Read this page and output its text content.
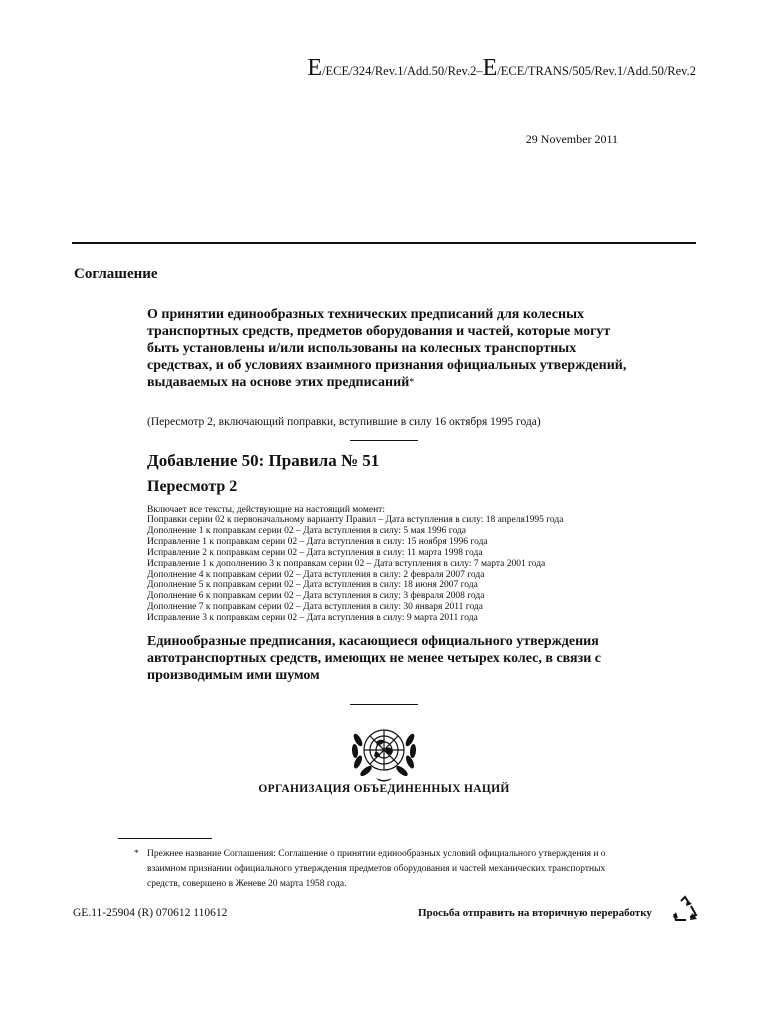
E/ECE/324/Rev.1/Add.50/Rev.2–E/ECE/TRANS/505/Rev.1/Add.50/Rev.2
29 November 2011
Соглашение
О принятии единообразных технических предписаний для колесных транспортных средств, предметов оборудования и частей, которые могут быть установлены и/или использованы на колесных транспортных средствах, и об условиях взаимного признания официальных утверждений, выдаваемых на основе этих предписаний*
(Пересмотр 2, включающий поправки, вступившие в силу 16 октября 1995 года)
Добавление 50: Правила № 51
Пересмотр 2
Включает все тексты, действующие на настоящий момент:
Поправки серии 02 к первоначальному варианту Правил – Дата вступления в силу: 18 апреля1995 года
Дополнение 1 к поправкам серии 02 – Дата вступления в силу: 5 мая 1996 года
Исправление 1 к поправкам серии 02 – Дата вступления в силу: 15 ноября 1996 года
Исправление 2 к поправкам серии 02 – Дата вступления в силу: 11 марта 1998 года
Исправление 1 к дополнению 3 к поправкам серии 02 – Дата вступления в силу: 7 марта 2001 года
Дополнение 4 к поправкам серии 02 – Дата вступления в силу: 2 февраля 2007 года
Дополнение 5 к поправкам серии 02 – Дата вступления в силу: 18 июня 2007 года
Дополнение 6 к поправкам серии 02 – Дата вступления в силу: 3 февраля 2008 года
Дополнение 7 к поправкам серии 02 – Дата вступления в силу: 30 января 2011 года
Исправление 3 к поправкам серии 02 – Дата вступления в силу: 9 марта 2011 года
Единообразные предписания, касающиеся официального утверждения автотранспортных средств, имеющих не менее четырех колес, в связи с производимым ими шумом
ОРГАНИЗАЦИЯ ОБЪЕДИНЕННЫХ НАЦИЙ
* Прежнее название Соглашения: Соглашение о принятии единообразных условий официального утверждения и о взаимном признании официального утверждения предметов оборудования и частей механических транспортных средств, совершено в Женеве 20 марта 1958 года.
GE.11-25904 (R) 070612 110612	Просьба отправить на вторичную переработку
